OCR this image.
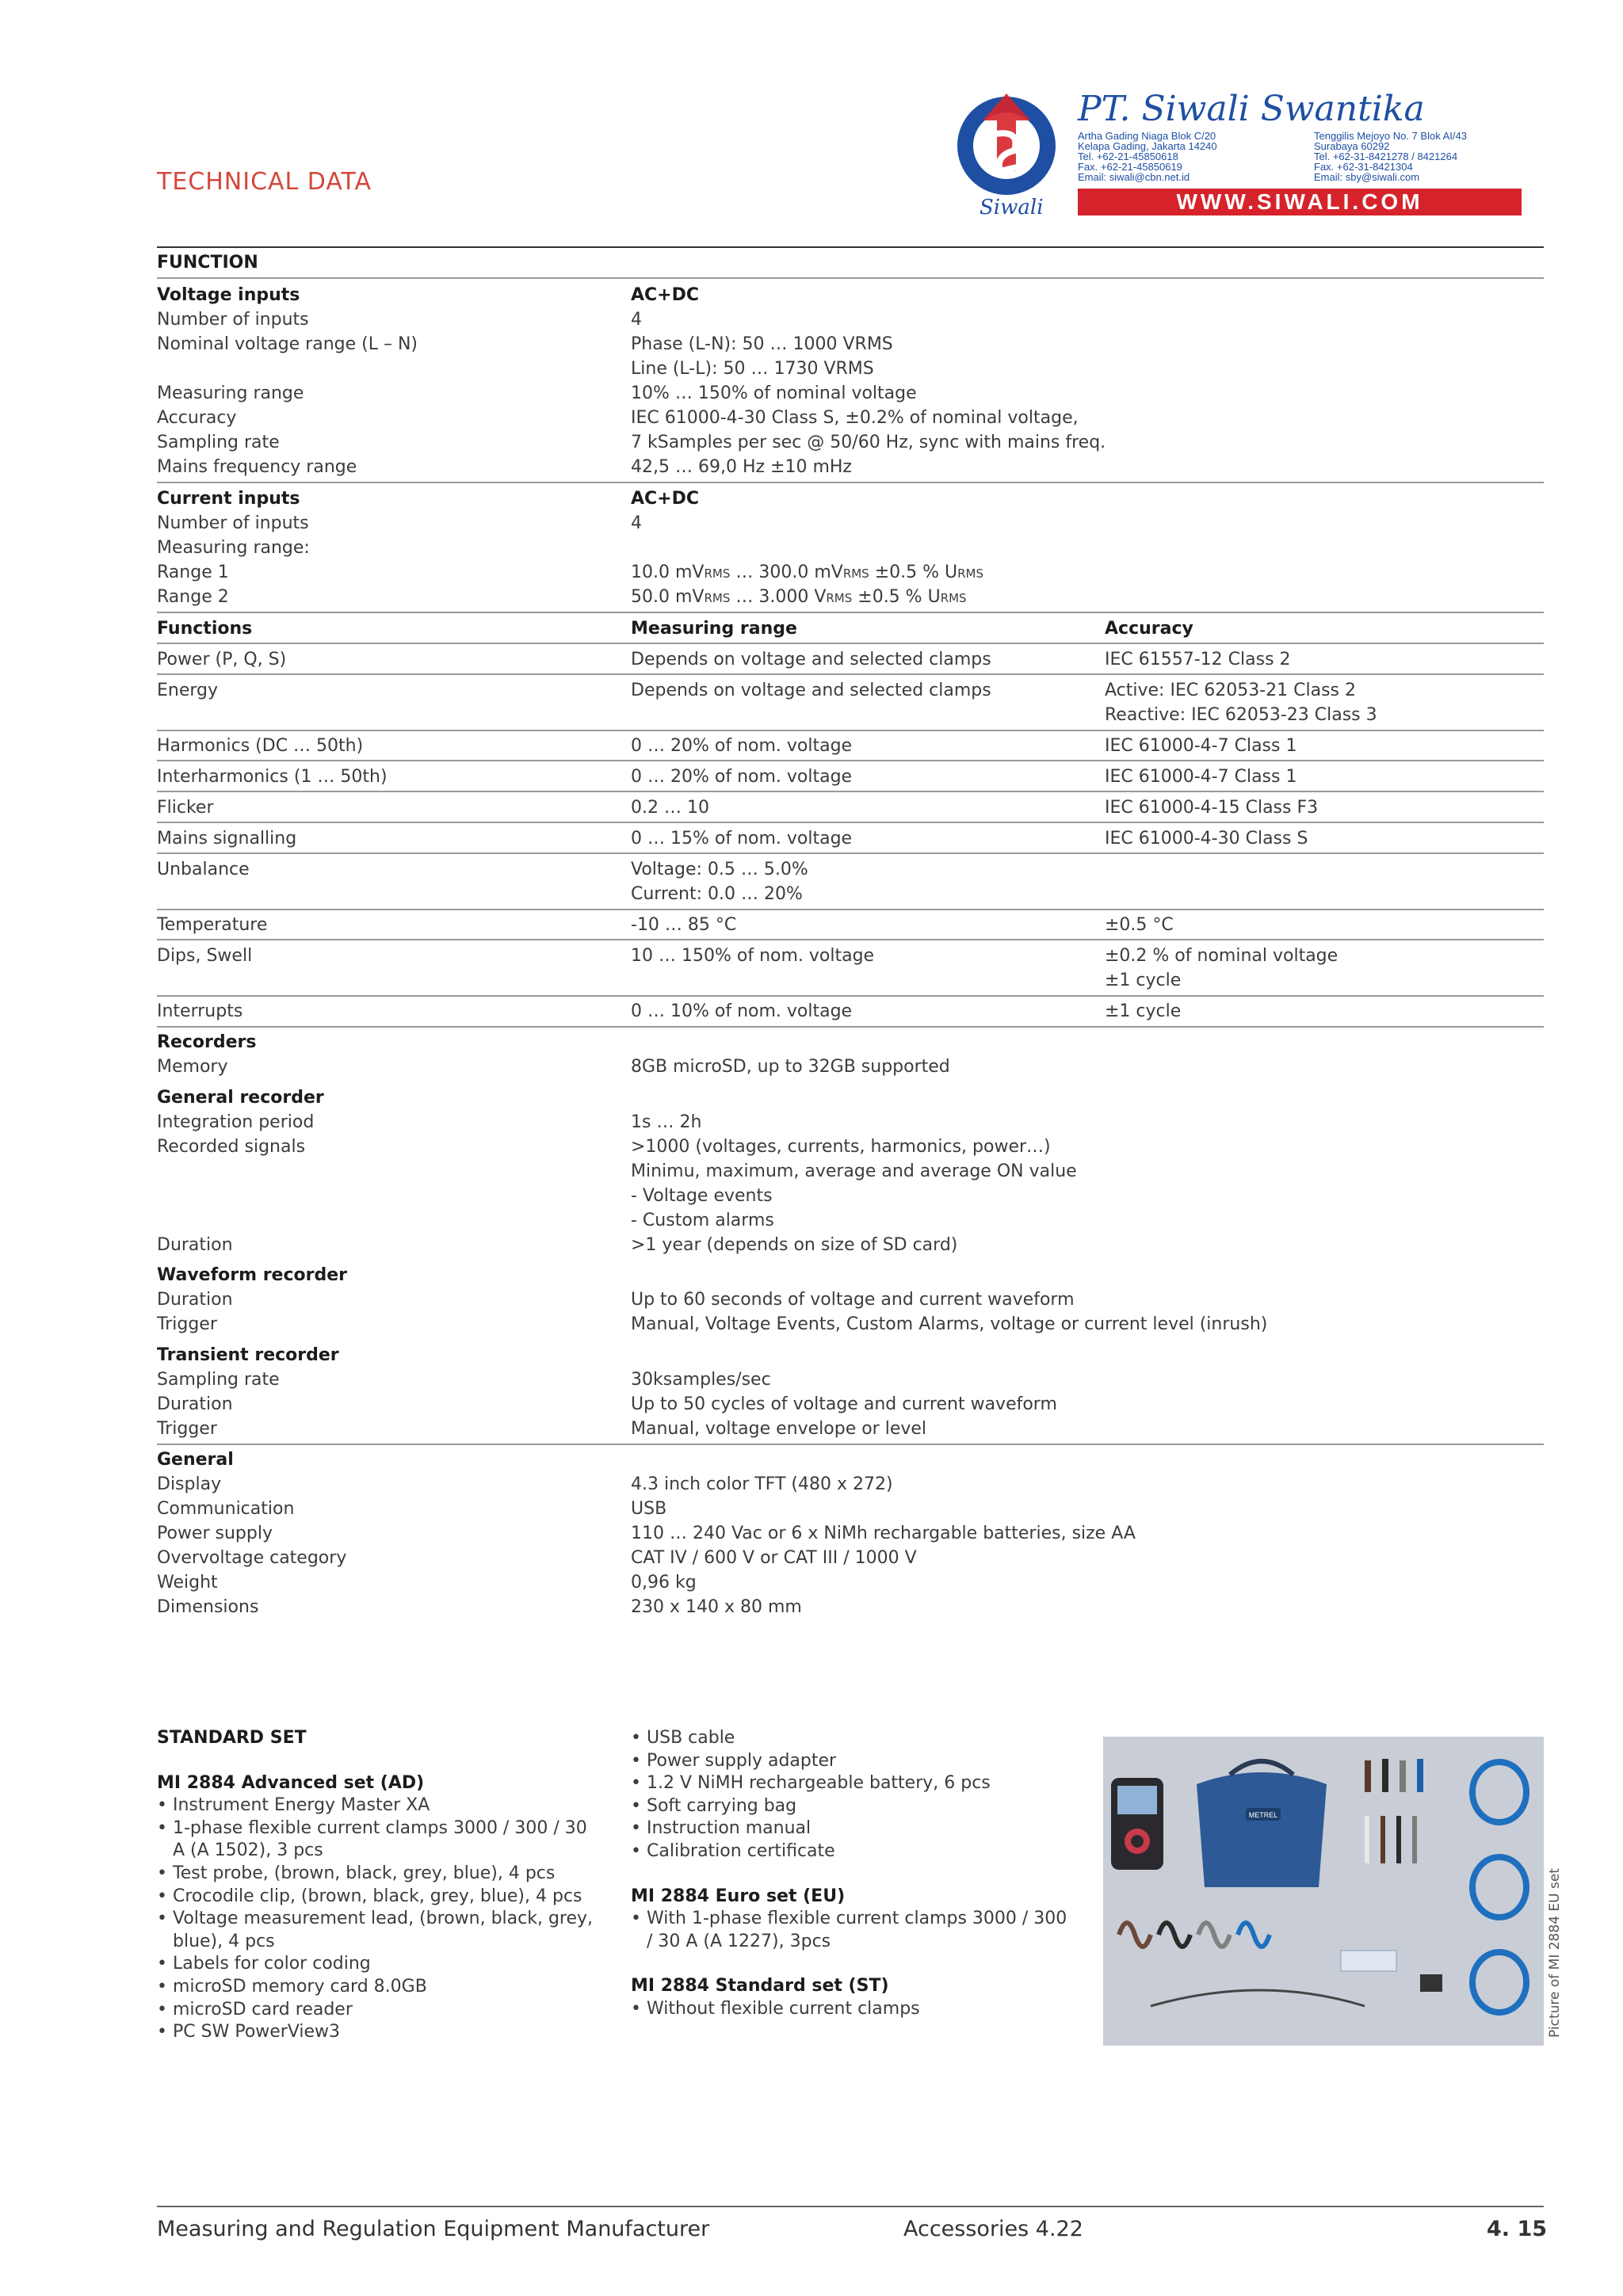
TECHNICAL DATA
Siwali
PT. Siwali Swantika
Artha Gading Niaga Blok C/20
Kelapa Gading, Jakarta 14240
Tel. +62-21-45850618
Fax. +62-21-45850619
Email: siwali@cbn.net.id
Tenggilis Mejoyo No. 7 Blok AI/43
Surabaya 60292
Tel. +62-31-8421278 / 8421264
Fax. +62-31-8421304
Email: sby@siwali.com
WWW.SIWALI.COM
FUNCTION
Voltage inputs	AC+DC
Number of inputs	4
Nominal voltage range (L – N)	Phase (L-N): 50 … 1000 VRMS
Line (L-L): 50 … 1730 VRMS
Measuring range	10% … 150% of nominal voltage
Accuracy	IEC 61000-4-30 Class S, ±0.2% of nominal voltage,
Sampling rate	7 kSamples per sec @ 50/60 Hz, sync with mains freq.
Mains frequency range	42,5 … 69,0 Hz ±10 mHz
Current inputs	AC+DC
Number of inputs	4
Measuring range:
Range 1	10.0 mVRMS … 300.0 mVRMS ±0.5 % URMS
Range 2	50.0 mVRMS … 3.000 VRMS ±0.5 % URMS
Functions	Measuring range	Accuracy
Power (P, Q, S)	Depends on voltage and selected clamps	IEC 61557-12 Class 2
Energy	Depends on voltage and selected clamps	Active: IEC 62053-21 Class 2
Reactive: IEC 62053-23 Class 3
Harmonics (DC … 50th)	0 … 20% of nom. voltage	IEC 61000-4-7 Class 1
Interharmonics (1 … 50th)	0 … 20% of nom. voltage	IEC 61000-4-7 Class 1
Flicker	0.2 … 10	IEC 61000-4-15 Class F3
Mains signalling	0 … 15% of nom. voltage	IEC 61000-4-30 Class S
Unbalance	Voltage: 0.5 … 5.0%
Current: 0.0 … 20%
Temperature	-10 … 85 °C	±0.5 °C
Dips, Swell	10 … 150% of nom. voltage	±0.2 % of nominal voltage
±1 cycle
Interrupts	0 … 10% of nom. voltage	±1 cycle
Recorders
Memory	8GB microSD, up to 32GB supported
General recorder
Integration period	1s … 2h
Recorded signals	>1000 (voltages, currents, harmonics, power…)
Minimu, maximum, average and average ON value
- Voltage events
- Custom alarms
Duration	>1 year (depends on size of SD card)
Waveform recorder
Duration	Up to 60 seconds of voltage and current waveform
Trigger	Manual, Voltage Events, Custom Alarms, voltage or current level (inrush)
Transient recorder
Sampling rate	30ksamples/sec
Duration	Up to 50 cycles of voltage and current waveform
Trigger	Manual, voltage envelope or level
General
Display	4.3 inch color TFT (480 x 272)
Communication	USB
Power supply	110 … 240 Vac or 6 x NiMh rechargable batteries, size AA
Overvoltage category	CAT IV / 600 V or CAT III / 1000 V
Weight	0,96 kg
Dimensions	230 x 140 x 80 mm
STANDARD SET
MI 2884 Advanced set (AD)
• Instrument Energy Master XA
• 1-phase flexible current clamps 3000 / 300 / 30 A (A 1502), 3 pcs
• Test probe, (brown, black, grey, blue), 4 pcs
• Crocodile clip, (brown, black, grey, blue), 4 pcs
• Voltage measurement lead, (brown, black, grey, blue), 4 pcs
• Labels for color coding
• microSD memory card 8.0GB
• microSD card reader
• PC SW PowerView3
• USB cable
• Power supply adapter
• 1.2 V NiMH rechargeable battery, 6 pcs
• Soft carrying bag
• Instruction manual
• Calibration certificate
MI 2884 Euro set (EU)
• With 1-phase flexible current clamps 3000 / 300 / 30 A (A 1227), 3pcs
MI 2884 Standard set (ST)
• Without flexible current clamps
METREL
Picture of MI 2884 EU set
Measuring and Regulation Equipment Manufacturer	Accessories 4.22	4. 15
